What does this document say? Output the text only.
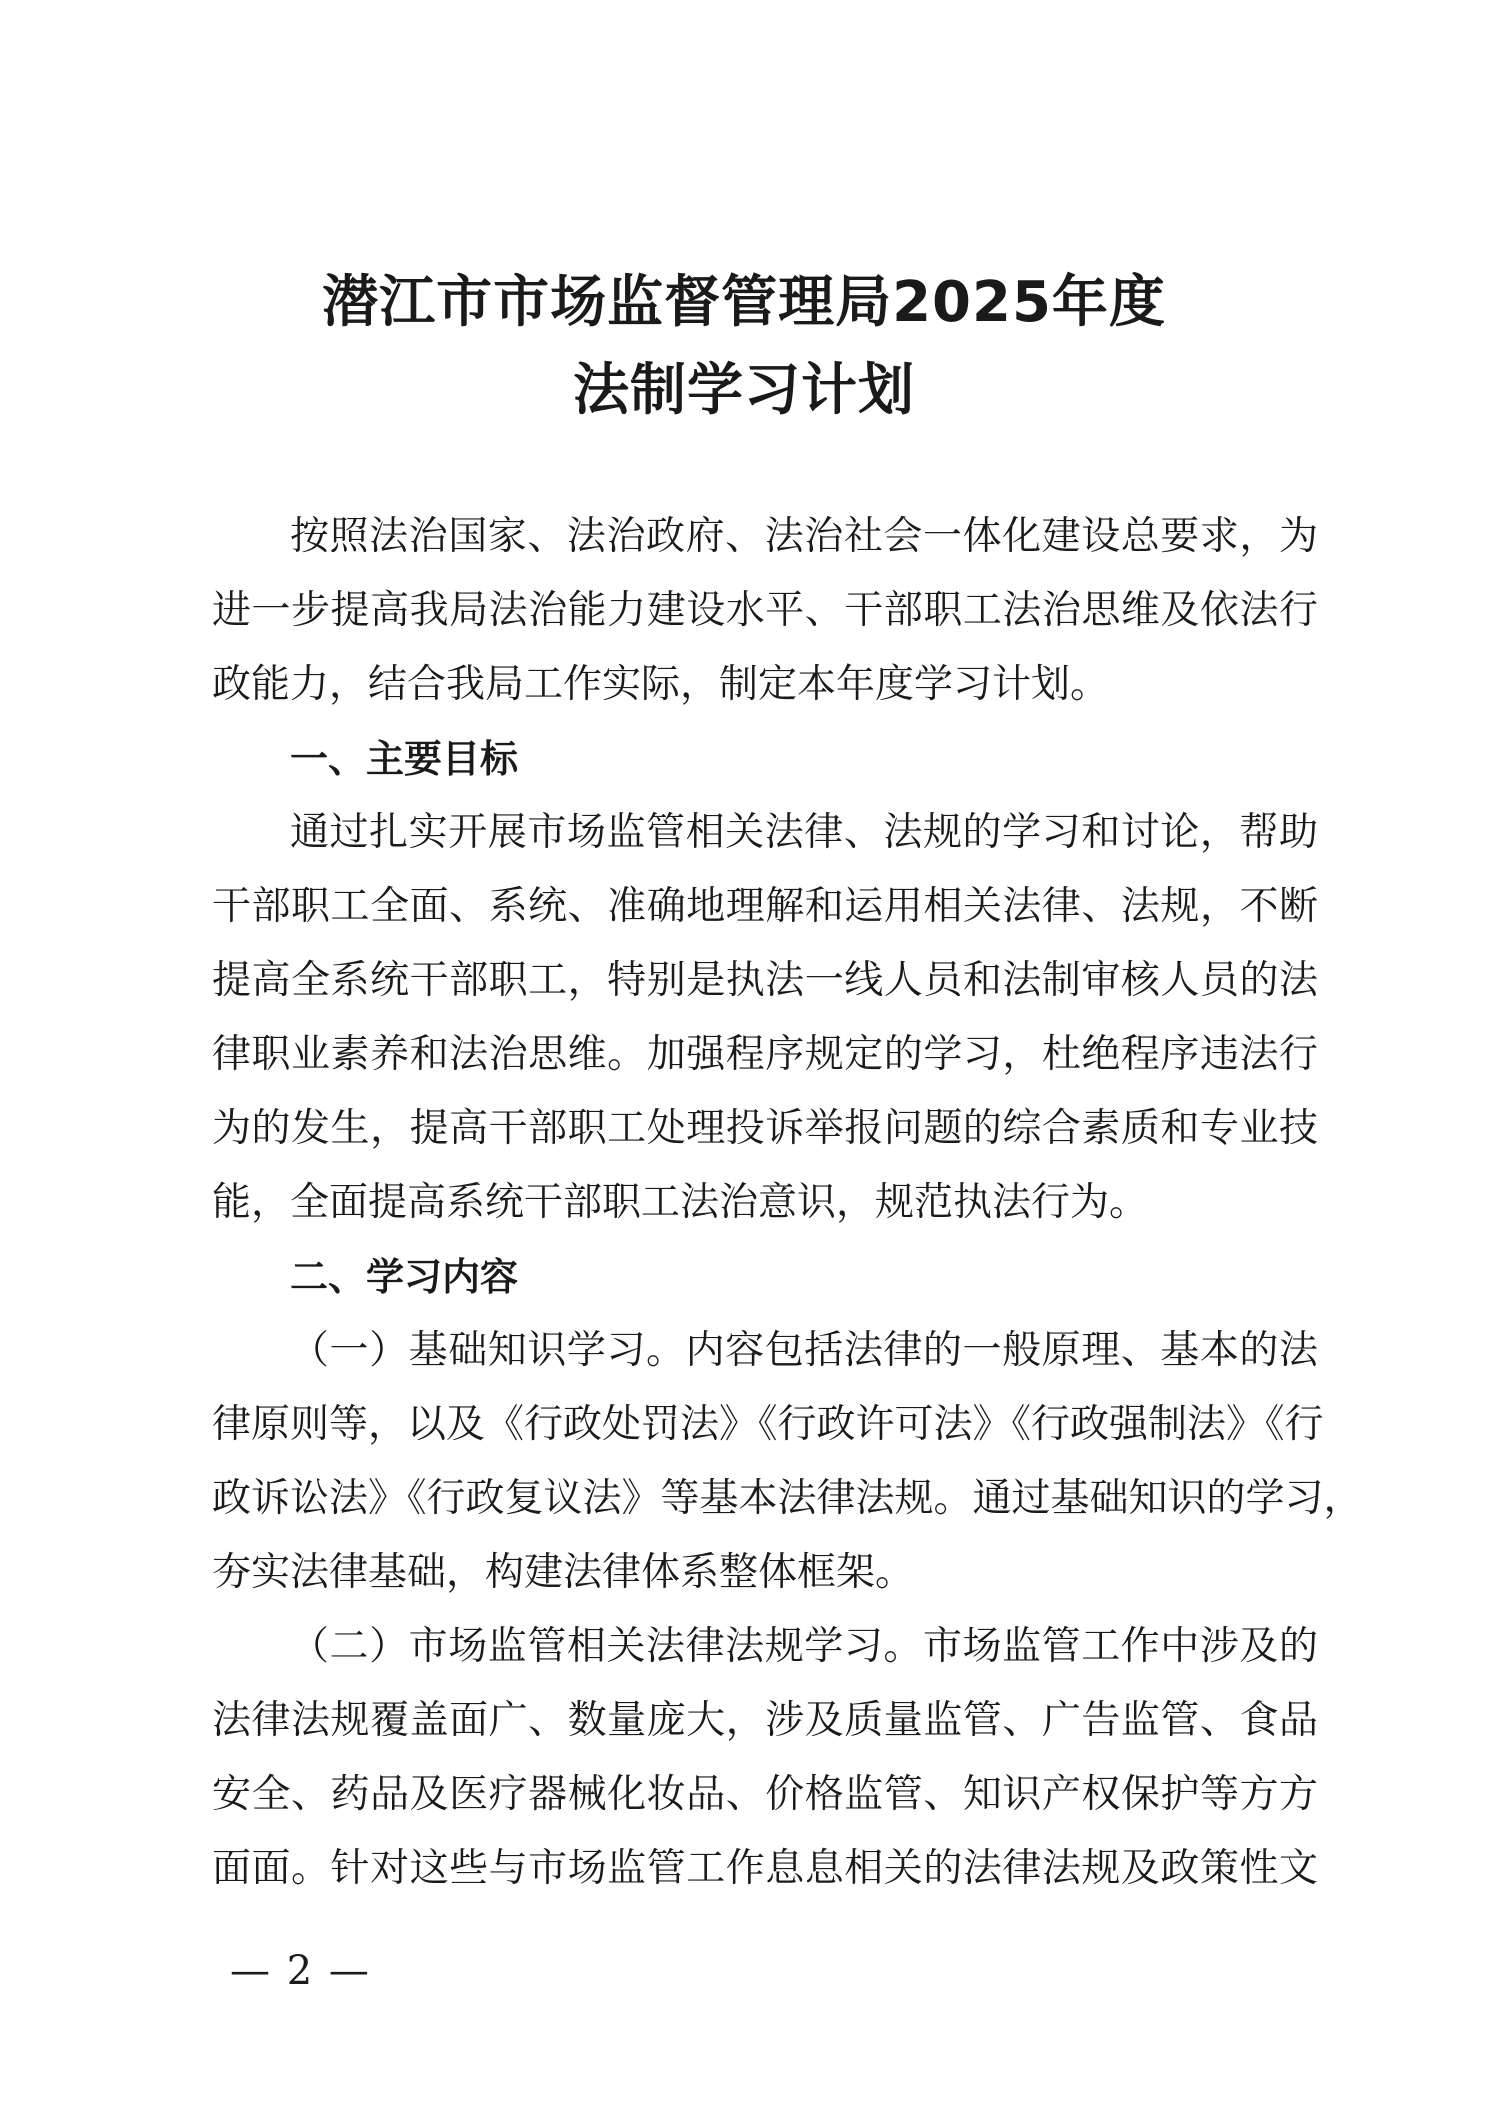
潜江市市场监督管理局2025年度
法制学习计划
按照法治国家、法治政府、法治社会一体化建设总要求，为
进一步提高我局法治能力建设水平、干部职工法治思维及依法行
政能力，结合我局工作实际，制定本年度学习计划。
一、主要目标
通过扎实开展市场监管相关法律、法规的学习和讨论，帮助
干部职工全面、系统、准确地理解和运用相关法律、法规，不断
提高全系统干部职工，特别是执法一线人员和法制审核人员的法
律职业素养和法治思维。加强程序规定的学习，杜绝程序违法行
为的发生，提高干部职工处理投诉举报问题的综合素质和专业技
能，全面提高系统干部职工法治意识，规范执法行为。
二、学习内容
（一）基础知识学习。内容包括法律的一般原理、基本的法
律原则等，以及《行政处罚法》《行政许可法》《行政强制法》《行
政诉讼法》《行政复议法》等基本法律法规。通过基础知识的学习，
夯实法律基础，构建法律体系整体框架。
（二）市场监管相关法律法规学习。市场监管工作中涉及的
法律法规覆盖面广、数量庞大，涉及质量监管、广告监管、食品
安全、药品及医疗器械化妆品、价格监管、知识产权保护等方方
面面。针对这些与市场监管工作息息相关的法律法规及政策性文
— 2 —
